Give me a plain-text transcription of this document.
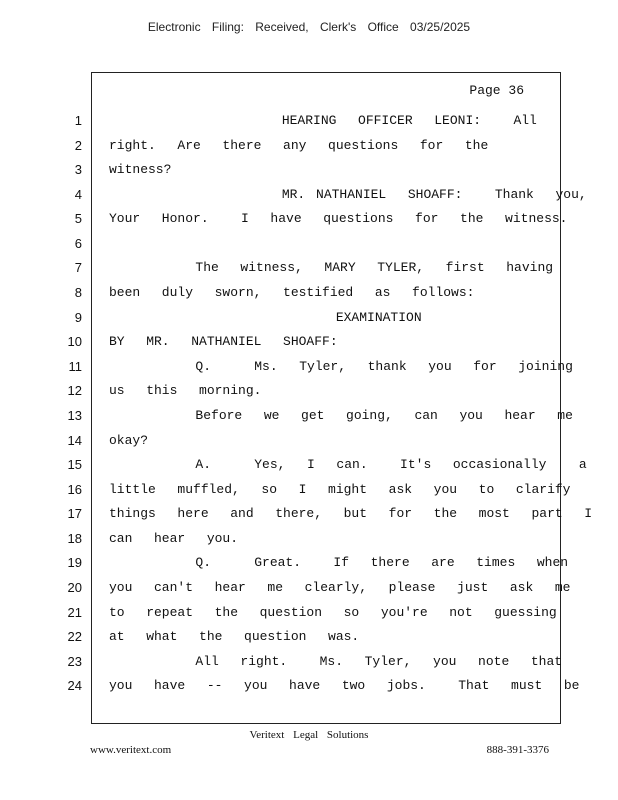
Electronic Filing: Received, Clerk's Office 03/25/2025
Page 36
1 HEARING  OFFICER  LEONI:   All
2 right.  Are  there  any  questions  for  the
3 witness?
4 MR. NATHANIEL  SHOAFF:   Thank  you,
5 Your  Honor.   I  have  questions  for  the  witness.
6
7 The  witness,  MARY  TYLER,  first  having
8 been  duly  sworn,  testified  as  follows:
9 EXAMINATION
10 BY  MR.  NATHANIEL  SHOAFF:
11 Q.    Ms.  Tyler,  thank  you  for  joining
12 us  this  morning.
13 Before  we  get  going,  can  you  hear  me
14 okay?
15 A.    Yes,  I  can.   It's  occasionally   a
16 little  muffled,  so  I  might  ask  you  to  clarify
17 things  here  and  there,  but  for  the  most  part  I
18 can  hear  you.
19 Q.    Great.   If  there  are  times  when
20 you  can't  hear  me  clearly,  please  just  ask  me
21 to  repeat  the  question  so  you're  not  guessing
22 at  what  the  question  was.
23 All  right.   Ms.  Tyler,  you  note  that
24 you  have  --  you  have  two  jobs.   That  must  be
Veritext Legal Solutions
www.veritext.com	888-391-3376
